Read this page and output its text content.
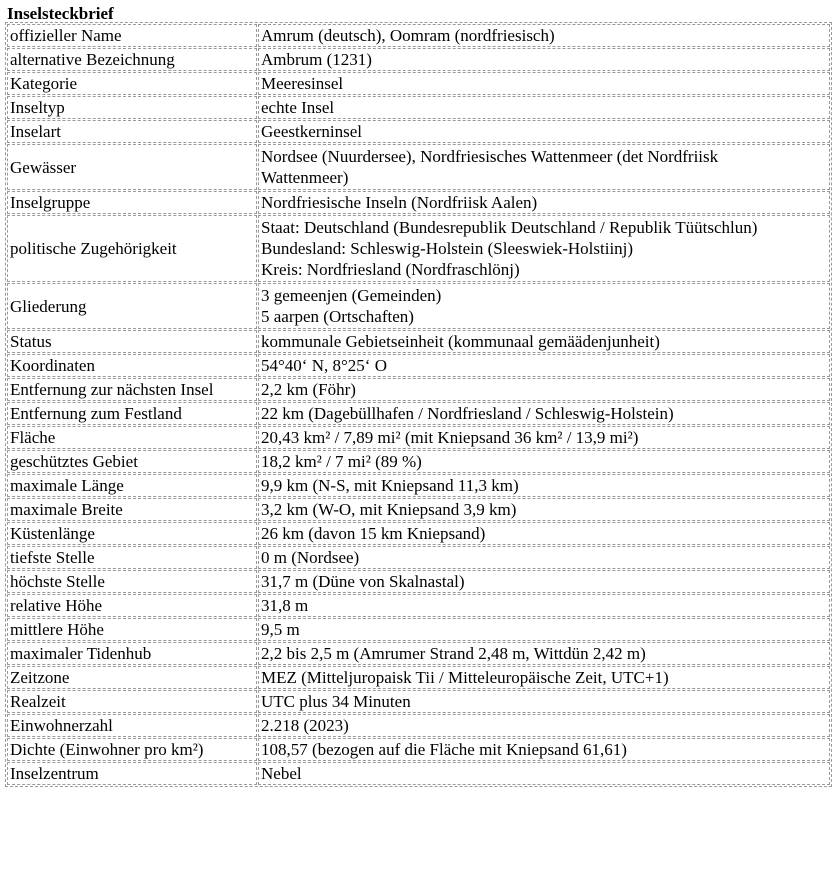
Inselsteckbrief
offizieller Name	Amrum (deutsch), Oomram (nordfriesisch)
alternative Bezeichnung	Ambrum (1231)
Kategorie	Meeresinsel
Inseltyp	echte Insel
Inselart	Geestkerninsel
Gewässer	Nordsee (Nuurdersee), Nordfriesisches Wattenmeer (det Nordfriisk
Wattenmeer)

Inselgruppe	Nordfriesische Inseln (Nordfriisk Aalen)
politische Zugehörigkeit	Staat: Deutschland (Bundesrepublik Deutschland / Republik Tüütschlun)
Bundesland: Schleswig-Holstein (Sleeswiek-Holstiinj)
Kreis: Nordfriesland (Nordfraschlönj)

Gliederung	3 gemeenjen (Gemeinden)
5 aarpen (Ortschaften)

Status	kommunale Gebietseinheit (kommunaal gemäädenjunheit)
Koordinaten	54°40‘ N, 8°25‘ O
Entfernung zur nächsten Insel	2,2 km (Föhr)
Entfernung zum Festland	22 km (Dagebüllhafen / Nordfriesland / Schleswig-Holstein)
Fläche	20,43 km² / 7,89 mi² (mit Kniepsand 36 km² / 13,9 mi²)
geschütztes Gebiet	18,2 km² / 7 mi² (89 %)
maximale Länge	9,9 km (N-S, mit Kniepsand 11,3 km)
maximale Breite	3,2 km (W-O, mit Kniepsand 3,9 km)
Küstenlänge	26 km (davon 15 km Kniepsand)
tiefste Stelle	0 m (Nordsee)
höchste Stelle	31,7 m (Düne von Skalnastal)
relative Höhe	31,8 m
mittlere Höhe	9,5 m
maximaler Tidenhub	2,2 bis 2,5 m (Amrumer Strand 2,48 m, Wittdün 2,42 m)
Zeitzone	MEZ (Mitteljuropaisk Tii / Mitteleuropäische Zeit, UTC+1)
Realzeit	UTC plus 34 Minuten
Einwohnerzahl	2.218 (2023)
Dichte (Einwohner pro km²)	108,57 (bezogen auf die Fläche mit Kniepsand 61,61)
Inselzentrum	Nebel
